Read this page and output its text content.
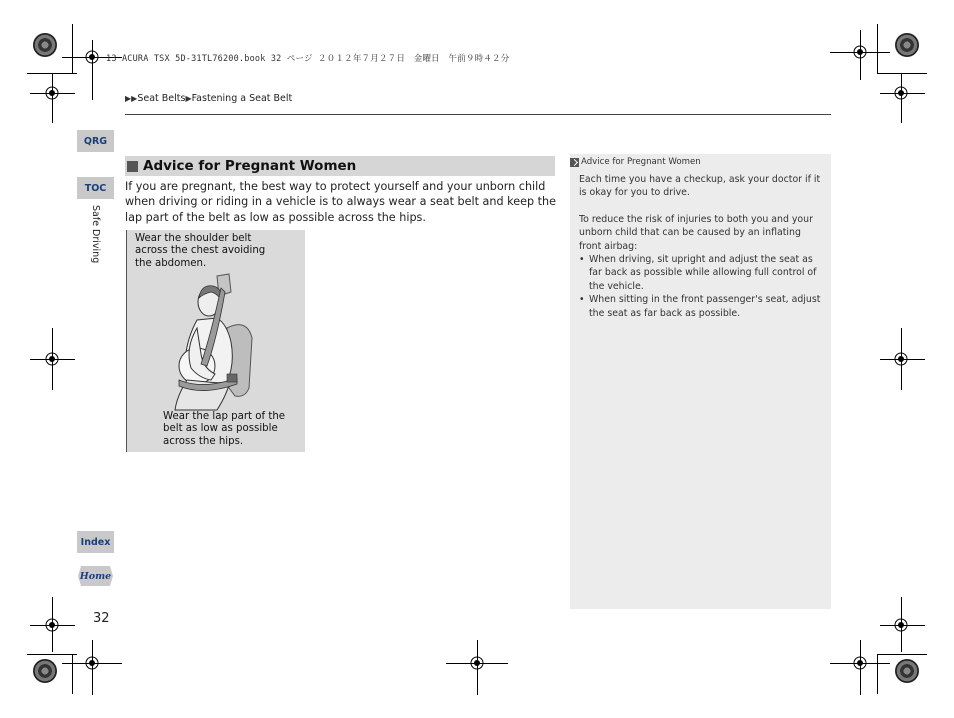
13 ACURA TSX 5D-31TL76200.book 32 ページ ２０１２年７月２７日　金曜日　午前９時４２分
▶▶Seat Belts▶Fastening a Seat Belt
QRG
TOC
Safe Driving
Index
Home
32
Advice for Pregnant Women

If you are pregnant, the best way to protect yourself and your unborn child when driving or riding in a vehicle is to always wear a seat belt and keep the lap part of the belt as low as possible across the hips.

Wear the shoulder belt across the chest avoiding the abdomen.
Wear the lap part of the belt as low as possible across the hips.
Advice for Pregnant Women

Each time you have a checkup, ask your doctor if it is okay for you to drive.

To reduce the risk of injuries to both you and your unborn child that can be caused by an inflating front airbag:

• When driving, sit upright and adjust the seat as far back as possible while allowing full control of the vehicle.
• When sitting in the front passenger's seat, adjust the seat as far back as possible.
